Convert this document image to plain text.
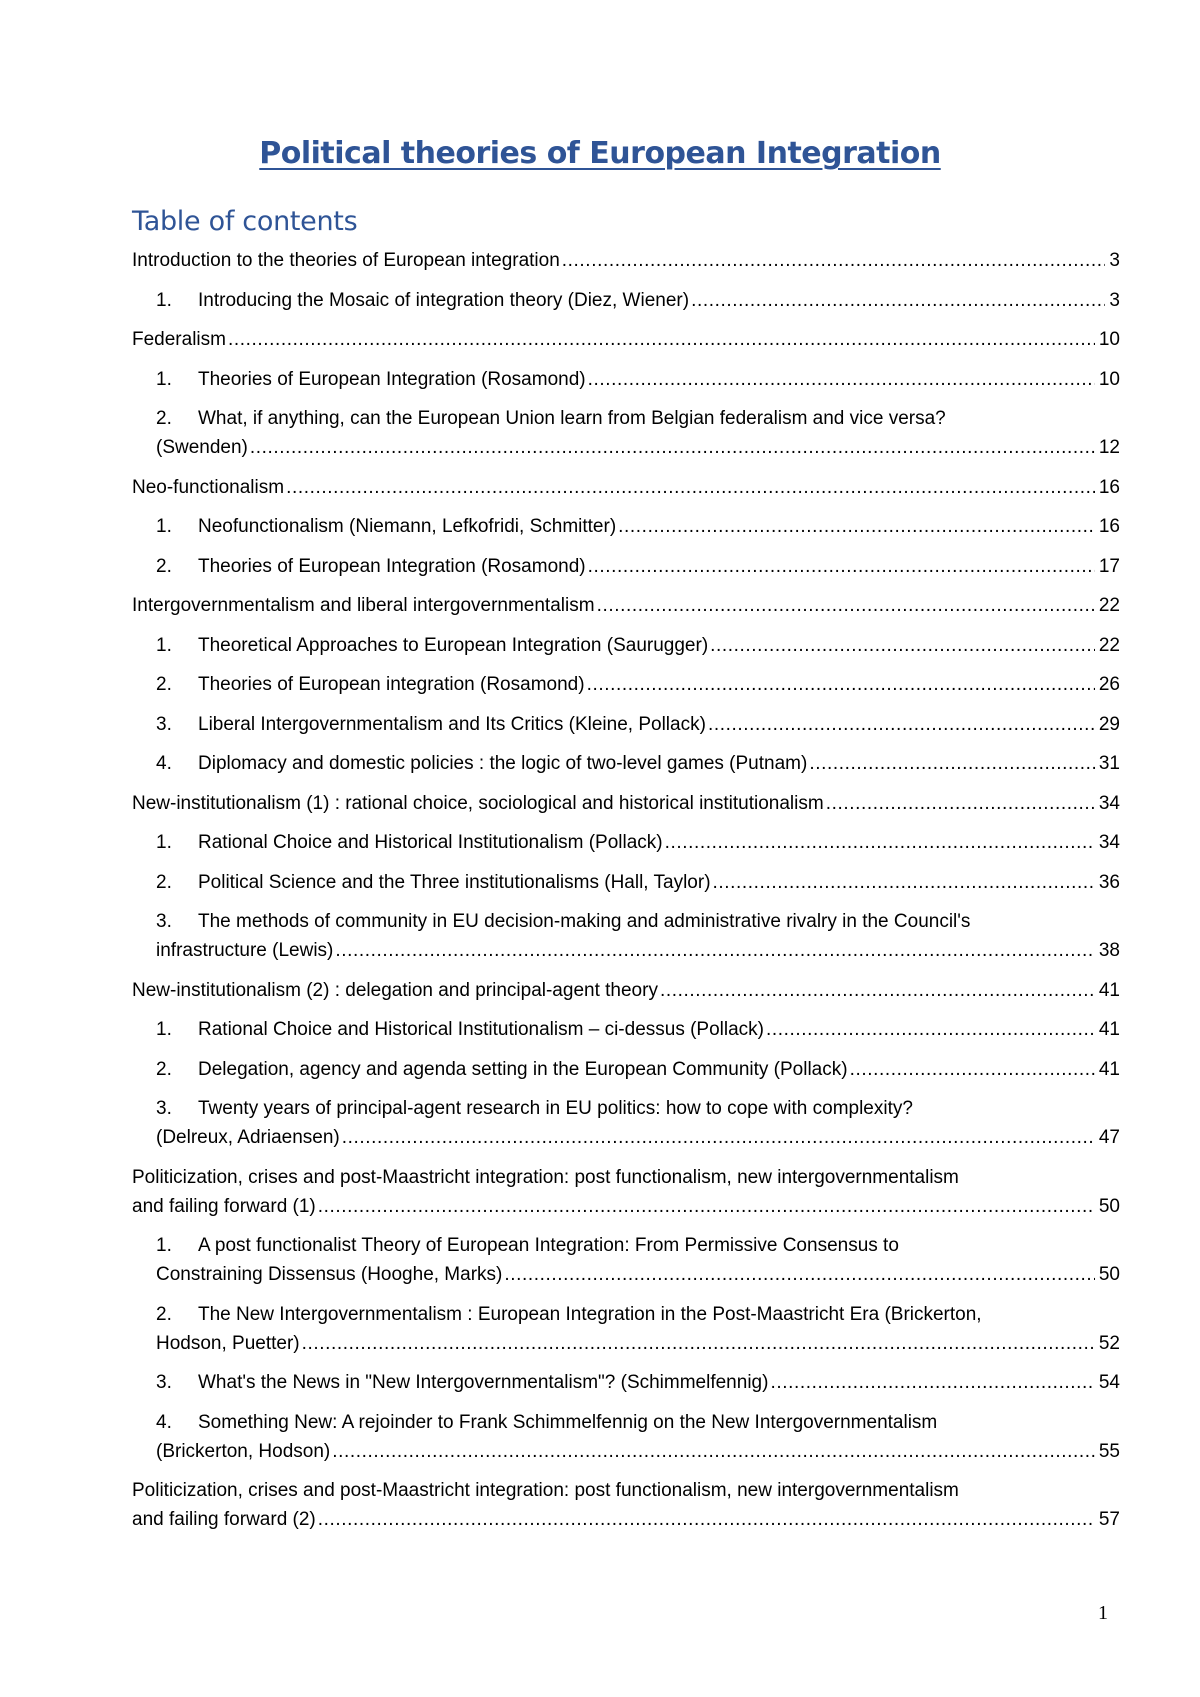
Political theories of European Integration
Table of contents
Introduction to the theories of European integration .....	3
1.	Introducing the Mosaic of integration theory (Diez, Wiener) .....	3
Federalism .....	10
1.	Theories of European Integration (Rosamond) .....	10
2. What, if anything, can the European Union learn from Belgian federalism and vice versa?
(Swenden) .....	12
Neo-functionalism .....	16
1.	Neofunctionalism (Niemann, Lefkofridi, Schmitter) .....	16
2.	Theories of European Integration (Rosamond) .....	17
Intergovernmentalism and liberal intergovernmentalism .....	22
1.	Theoretical Approaches to European Integration (Saurugger) .....	22
2.	Theories of European integration (Rosamond) .....	26
3.	Liberal Intergovernmentalism and Its Critics (Kleine, Pollack) .....	29
4.	Diplomacy and domestic policies : the logic of two-level games (Putnam) .....	31
New-institutionalism (1) : rational choice, sociological and historical institutionalism .....	34
1.	Rational Choice and Historical Institutionalism (Pollack) .....	34
2.	Political Science and the Three institutionalisms (Hall, Taylor) .....	36
3. The methods of community in EU decision-making and administrative rivalry in the Council's
infrastructure (Lewis) .....	38
New-institutionalism (2) : delegation and principal-agent theory .....	41
1.	Rational Choice and Historical Institutionalism – ci-dessus (Pollack) .....	41
2.	Delegation, agency and agenda setting in the European Community (Pollack) .....	41
3. Twenty years of principal-agent research in EU politics: how to cope with complexity?
(Delreux, Adriaensen) .....	47
Politicization, crises and post-Maastricht integration: post functionalism, new intergovernmentalism
and failing forward (1) .....	50
1. A post functionalist Theory of European Integration: From Permissive Consensus to
Constraining Dissensus (Hooghe, Marks) .....	50
2. The New Intergovernmentalism : European Integration in the Post-Maastricht Era (Brickerton,
Hodson, Puetter) .....	52
3.	What's the News in "New Intergovernmentalism"? (Schimmelfennig) .....	54
4. Something New: A rejoinder to Frank Schimmelfennig on the New Intergovernmentalism
(Brickerton, Hodson) .....	55
Politicization, crises and post-Maastricht integration: post functionalism, new intergovernmentalism
and failing forward (2) .....	57
1
